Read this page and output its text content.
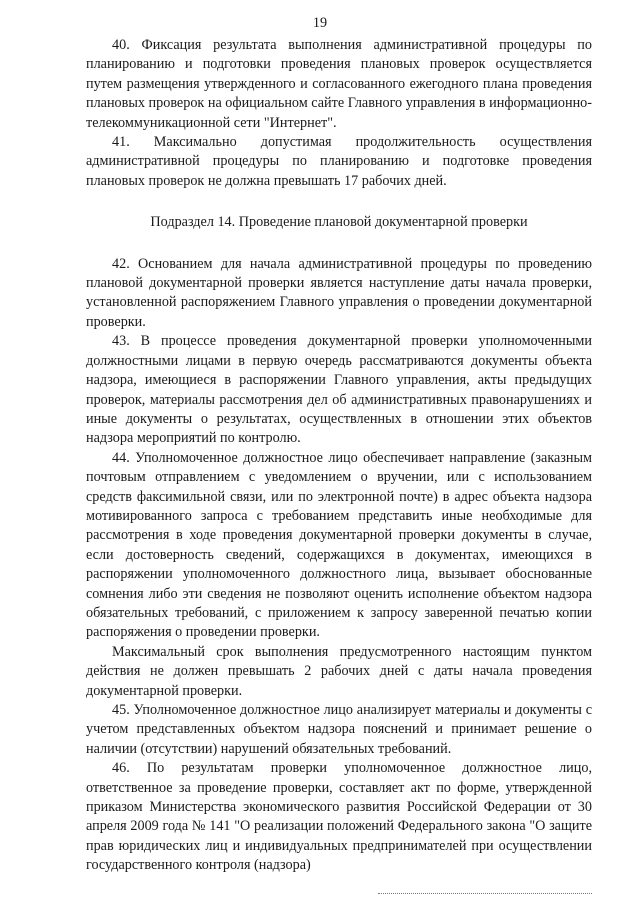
19

40. Фиксация результата выполнения административной процедуры по планированию и подготовки проведения плановых проверок осуществляется путем размещения утвержденного и согласованного ежегодного плана проведения плановых проверок на официальном сайте Главного управления в информационно-телекоммуникационной сети "Интернет".

41. Максимально допустимая продолжительность осуществления административной процедуры по планированию и подготовке проведения плановых проверок не должна превышать 17 рабочих дней.

Подраздел 14. Проведение плановой документарной проверки

42. Основанием для начала административной процедуры по проведению плановой документарной проверки является наступление даты начала проверки, установленной распоряжением Главного управления о проведении документарной проверки.

43. В процессе проведения документарной проверки уполномоченными должностными лицами в первую очередь рассматриваются документы объекта надзора, имеющиеся в распоряжении Главного управления, акты предыдущих проверок, материалы рассмотрения дел об административных правонарушениях и иные документы о результатах, осуществленных в отношении этих объектов надзора мероприятий по контролю.

44. Уполномоченное должностное лицо обеспечивает направление (заказным почтовым отправлением с уведомлением о вручении, или с использованием средств факсимильной связи, или по электронной почте) в адрес объекта надзора мотивированного запроса с требованием представить иные необходимые для рассмотрения в ходе проведения документарной проверки документы в случае, если достоверность сведений, содержащихся в документах, имеющихся в распоряжении уполномоченного должностного лица, вызывает обоснованные сомнения либо эти сведения не позволяют оценить исполнение объектом надзора обязательных требований, с приложением к запросу заверенной печатью копии распоряжения о проведении проверки.

Максимальный срок выполнения предусмотренного настоящим пунктом действия не должен превышать 2 рабочих дней с даты начала проведения документарной проверки.

45. Уполномоченное должностное лицо анализирует материалы и документы с учетом представленных объектом надзора пояснений и принимает решение о наличии (отсутствии) нарушений обязательных требований.

46. По результатам проверки уполномоченное должностное лицо, ответственное за проведение проверки, составляет акт по форме, утвержденной приказом Министерства экономического развития Российской Федерации от 30 апреля 2009 года № 141 "О реализации положений Федерального закона "О защите прав юридических лиц и индивидуальных предпринимателей при осуществлении государственного контроля (надзора)
